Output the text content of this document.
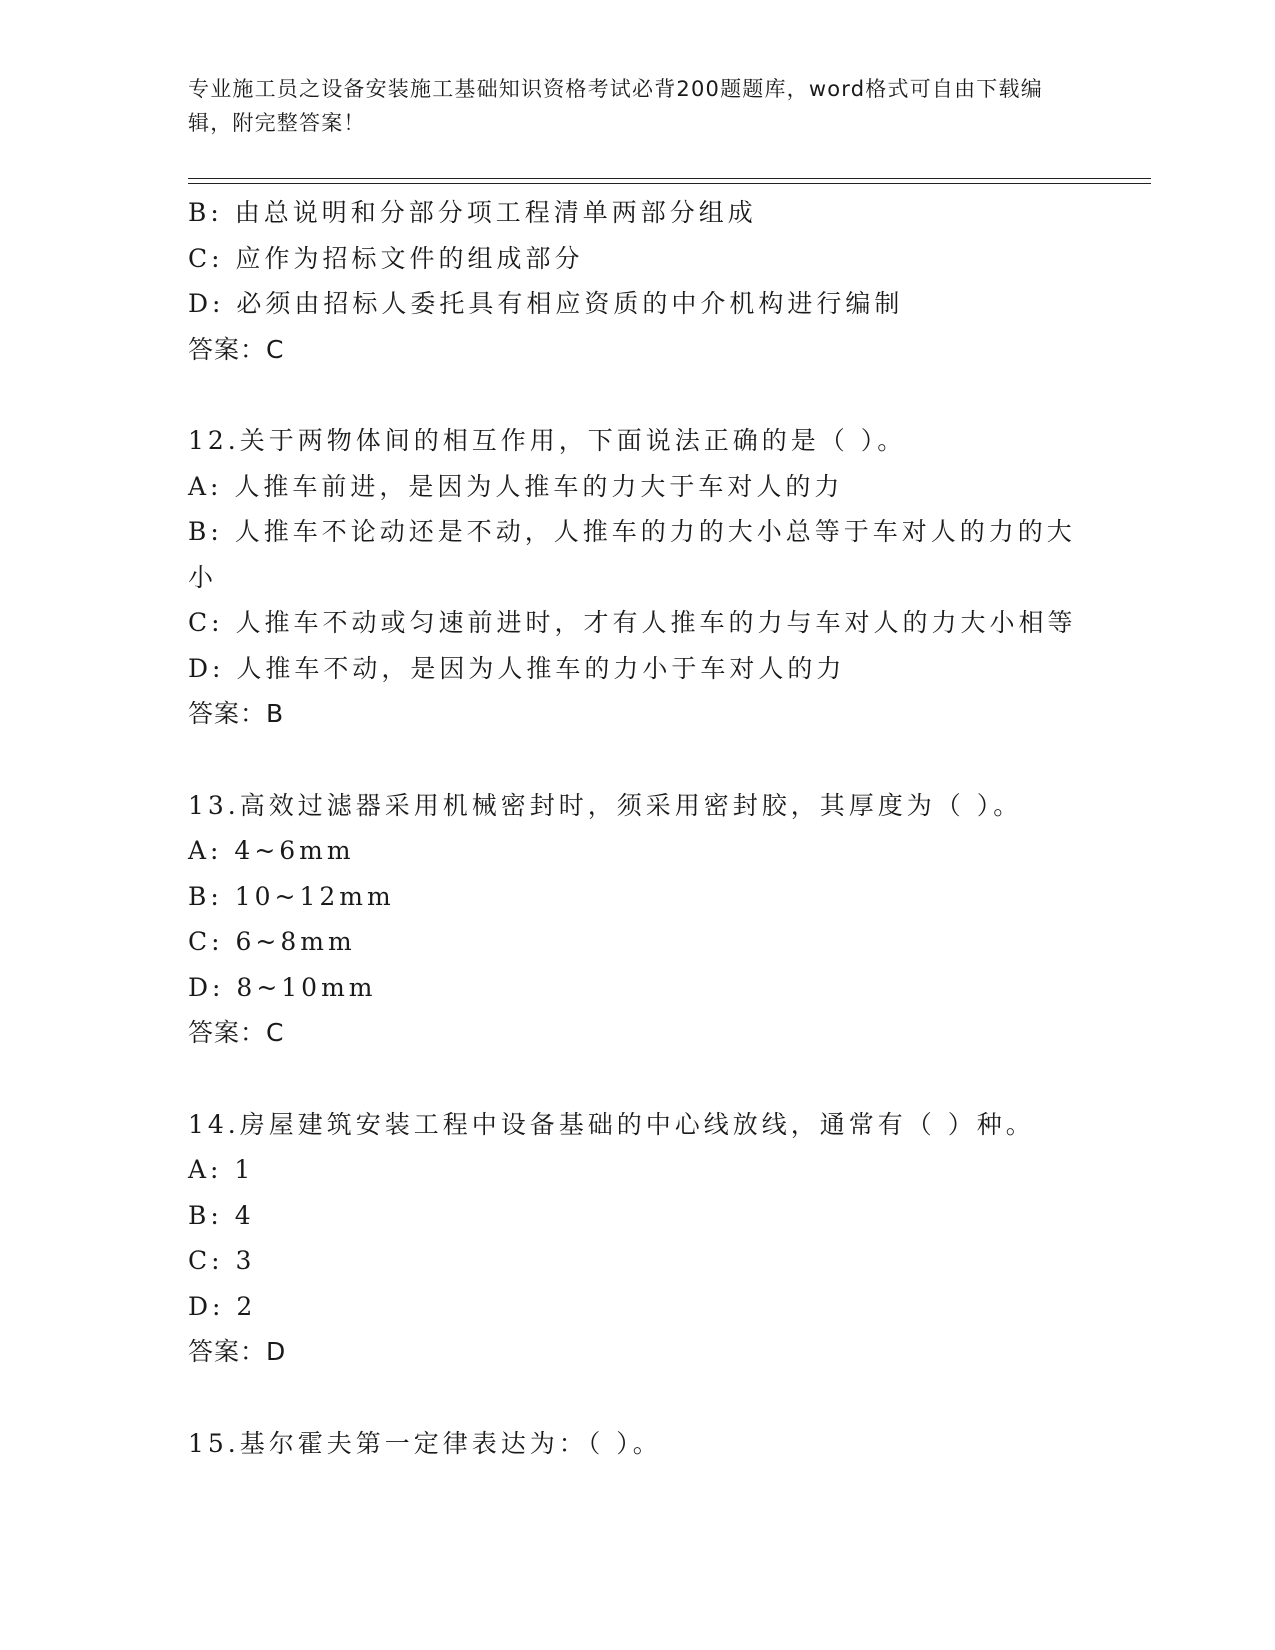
专业施工员之设备安装施工基础知识资格考试必背200题题库，word格式可自由下载编辑，附完整答案！
B: 由总说明和分部分项工程清单两部分组成
C: 应作为招标文件的组成部分
D: 必须由招标人委托具有相应资质的中介机构进行编制
答案：C
12.关于两物体间的相互作用，下面说法正确的是（ ）。
A: 人推车前进，是因为人推车的力大于车对人的力
B: 人推车不论动还是不动，人推车的力的大小总等于车对人的力的大小
C: 人推车不动或匀速前进时，才有人推车的力与车对人的力大小相等
D: 人推车不动，是因为人推车的力小于车对人的力
答案：B
13.高效过滤器采用机械密封时，须采用密封胶，其厚度为（ ）。
A: 4~6mm
B: 10~12mm
C: 6~8mm
D: 8~10mm
答案：C
14.房屋建筑安装工程中设备基础的中心线放线，通常有（ ）种。
A: 1
B: 4
C: 3
D: 2
答案：D
15.基尔霍夫第一定律表达为：（ ）。
